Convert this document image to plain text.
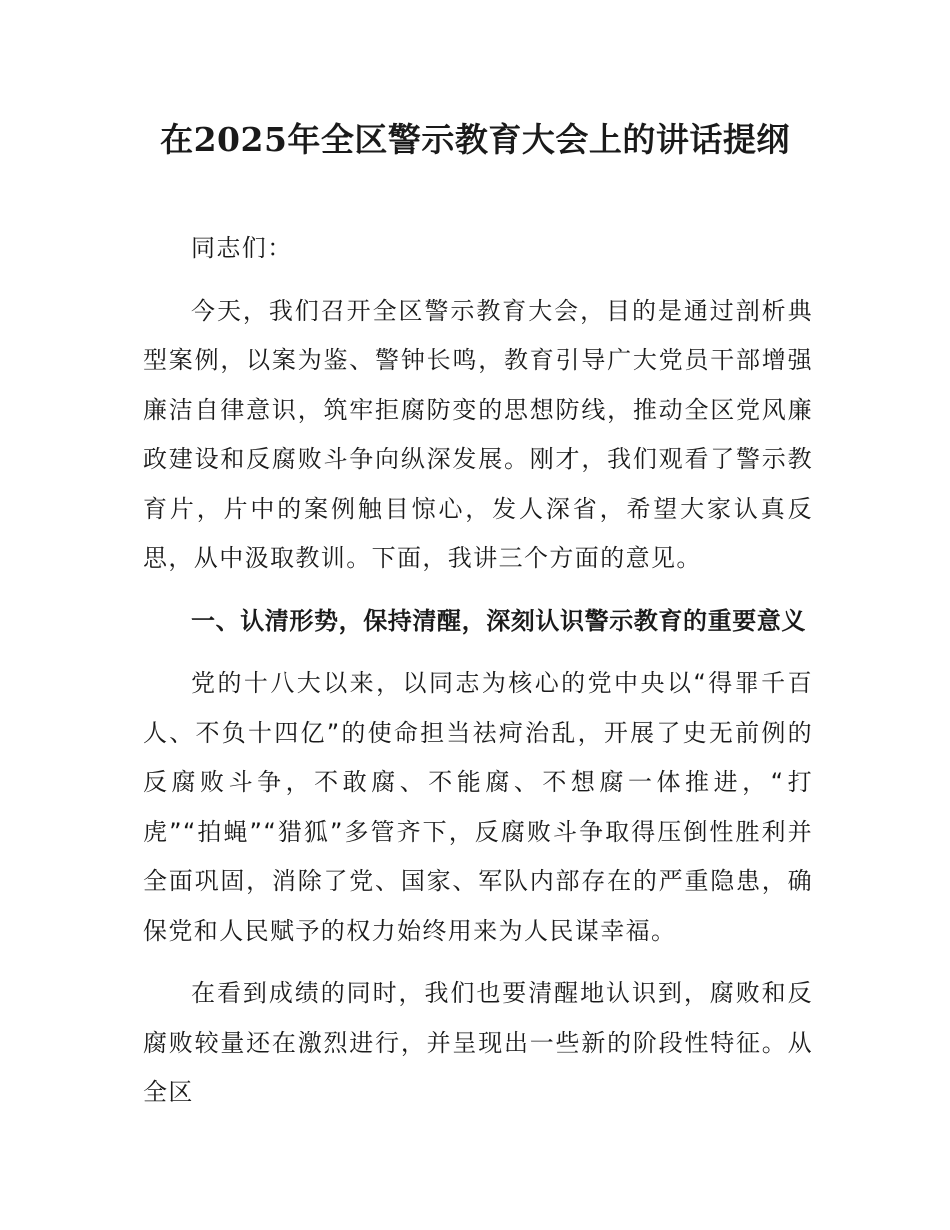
在2025年全区警示教育大会上的讲话提纲

同志们：

今天，我们召开全区警示教育大会，目的是通过剖析典型案例，以案为鉴、警钟长鸣，教育引导广大党员干部增强廉洁自律意识，筑牢拒腐防变的思想防线，推动全区党风廉政建设和反腐败斗争向纵深发展。刚才，我们观看了警示教育片，片中的案例触目惊心，发人深省，希望大家认真反思，从中汲取教训。下面，我讲三个方面的意见。

一、认清形势，保持清醒，深刻认识警示教育的重要意义

党的十八大以来，以同志为核心的党中央以“得罪千百人、不负十四亿”的使命担当祛疴治乱，开展了史无前例的反腐败斗争，不敢腐、不能腐、不想腐一体推进，“打虎”“拍蝇”“猎狐”多管齐下，反腐败斗争取得压倒性胜利并全面巩固，消除了党、国家、军队内部存在的严重隐患，确保党和人民赋予的权力始终用来为人民谋幸福。

在看到成绩的同时，我们也要清醒地认识到，腐败和反腐败较量还在激烈进行，并呈现出一些新的阶段性特征。从全区
